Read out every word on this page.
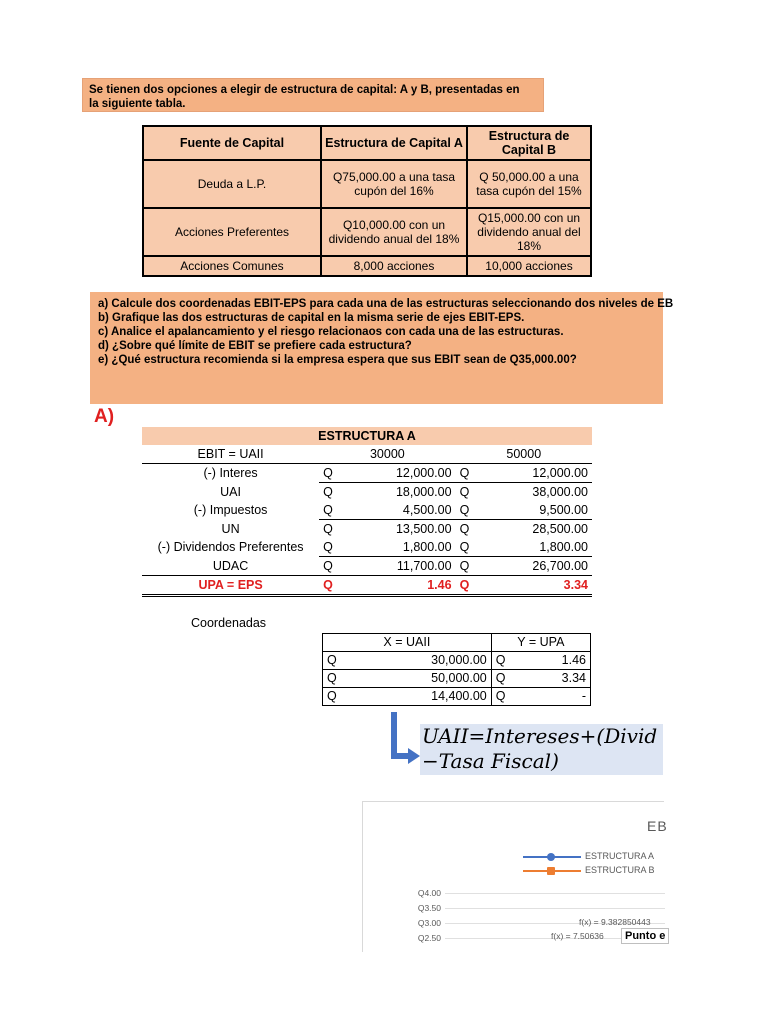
Se tienen dos opciones a elegir de estructura de capital: A y B, presentadas en
la siguiente tabla.
Fuente de Capital	Estructura de Capital A	Estructura de Capital B
Deuda a L.P.	Q75,000.00 a una tasa cupón del 16%	Q 50,000.00 a una tasa cupón del 15%
Acciones Preferentes	Q10,000.00 con un dividendo anual del 18%	Q15,000.00 con un dividendo anual del 18%
Acciones Comunes	8,000 acciones	10,000 acciones
a) Calcule dos coordenadas EBIT-EPS para cada una de las estructuras seleccionando dos niveles de EB
b) Grafique las dos estructuras de capital en la misma serie de ejes EBIT-EPS.
c) Analice el apalancamiento y el riesgo relacionaos con cada una de las estructuras.
d) ¿Sobre qué límite de EBIT se prefiere cada estructura?
e) ¿Qué estructura recomienda si la empresa espera que sus EBIT sean de Q35,000.00?
A)
ESTRUCTURA A				
EBIT = UAII	30000		50000	
(-) Interes	Q	12,000.00	Q	12,000.00
UAI	Q	18,000.00	Q	38,000.00
(-) Impuestos	Q	4,500.00	Q	9,500.00
UN	Q	13,500.00	Q	28,500.00
(-) Dividendos Preferentes	Q	1,800.00	Q	1,800.00
UDAC	Q	11,700.00	Q	26,700.00
UPA = EPS	Q	1.46	Q	3.34
Coordenadas
X = UAII		Y = UPA	
Q	30,000.00	Q	1.46
Q	50,000.00	Q	3.34
Q	14,400.00	Q	-
UAII=Intereses+(Divid
−Tasa Fiscal)
EB
ESTRUCTURA A
ESTRUCTURA B
Q4.00
Q3.50
Q3.00
Q2.50
f(x) = 9.382850443
f(x) = 7.50636	Punto e
